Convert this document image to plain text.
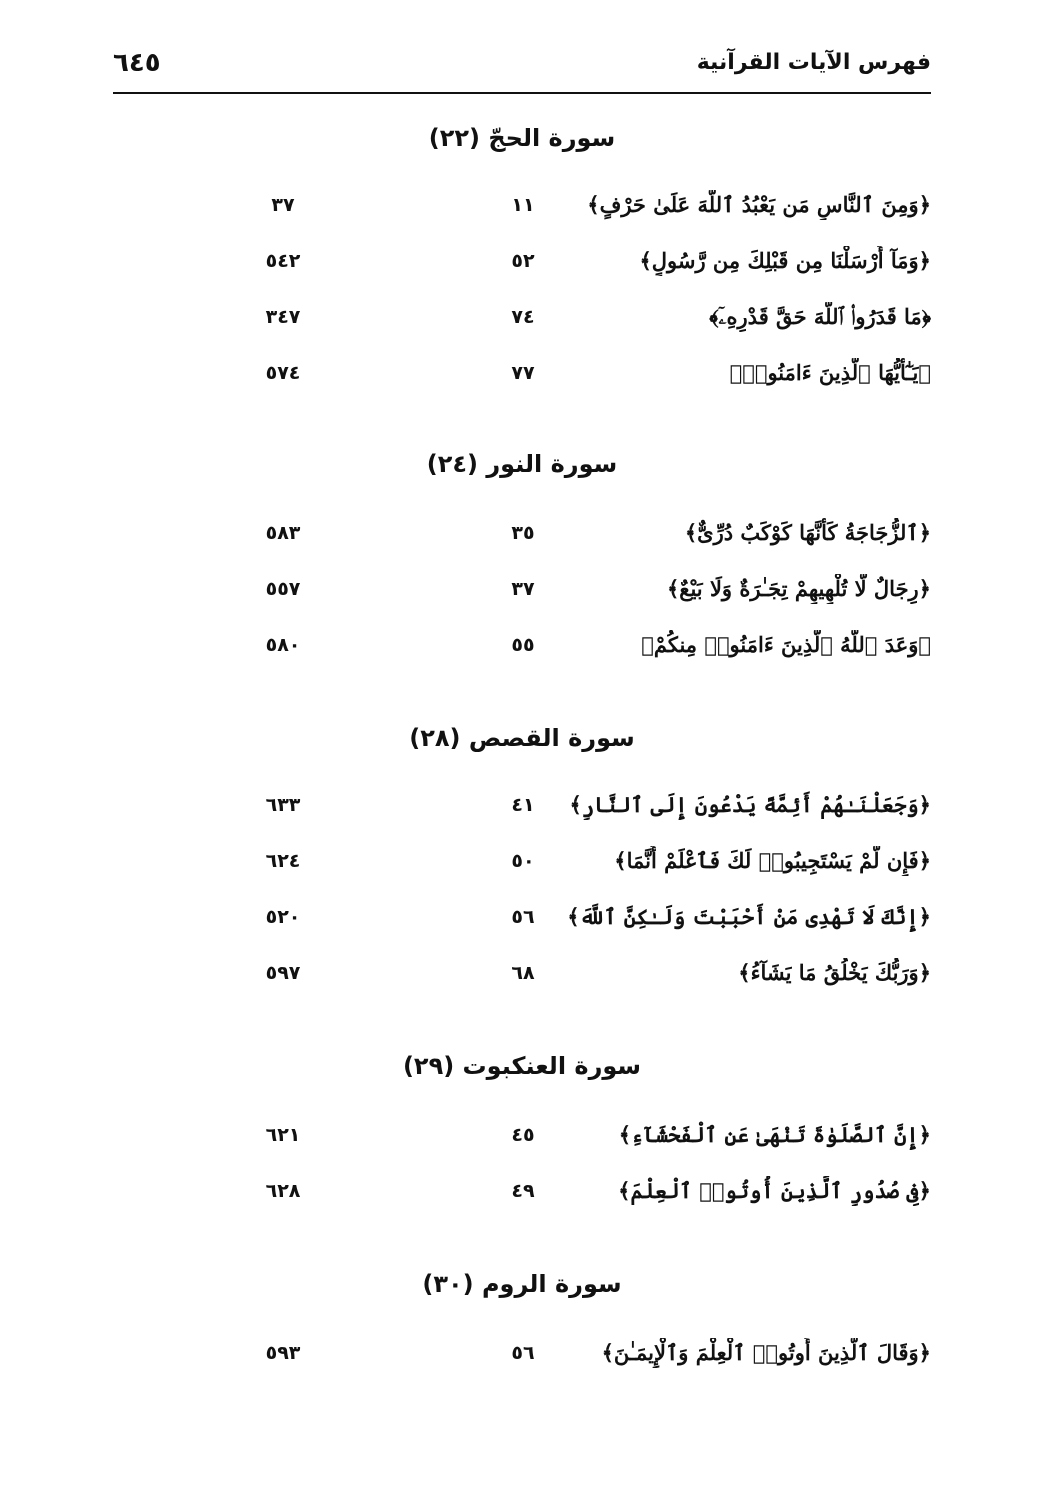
فهرس الآيات القرآنية
٦٤٥
سورة الحجّ (٢٢)
﴿وَمِنَ ٱلنَّاسِ مَن يَعْبُدُ ٱللَّهَ عَلَىٰ حَرْفٍ﴾
١١
٣٧
﴿وَمَآ أَرْسَلْنَا مِن قَبْلِكَ مِن رَّسُولٍ﴾
٥٢
٥٤٢
﴿مَا قَدَرُوا۟ ٱللَّهَ حَقَّ قَدْرِهِۦٓ﴾
٧٤
٣٤٧
﴿يَـٰٓأَيُّهَا ٱلَّذِينَ ءَامَنُوا۟﴾
٧٧
٥٧٤
سورة النور (٢٤)
﴿ٱلزُّجَاجَةُ كَأَنَّهَا كَوْكَبٌ دُرِّىٌّ﴾
٣٥
٥٨٣
﴿رِجَالٌ لَّا تُلْهِيهِمْ تِجَـٰرَةٌ وَلَا بَيْعٌ﴾
٣٧
٥٥٧
﴿وَعَدَ ٱللَّهُ ٱلَّذِينَ ءَامَنُوا۟ مِنكُمْ﴾
٥٥
٥٨٠
سورة القصص (٢٨)
﴿وَجَعَلْنَـٰهُمْ أَئِمَّةً يَدْعُونَ إِلَى ٱلنَّارِ﴾
٤١
٦٣٣
﴿فَإِن لَّمْ يَسْتَجِيبُوا۟ لَكَ فَٱعْلَمْ أَنَّمَا﴾
٥٠
٦٢٤
﴿إِنَّكَ لَا تَهْدِى مَنْ أَحْبَبْتَ وَلَـٰكِنَّ ٱللَّهَ﴾
٥٦
٥٢٠
﴿وَرَبُّكَ يَخْلُقُ مَا يَشَآءُ﴾
٦٨
٥٩٧
سورة العنكبوت (٢٩)
﴿إِنَّ ٱلصَّلَوٰةَ تَنْهَىٰ عَنِ ٱلْفَحْشَآءِ﴾
٤٥
٦٢١
﴿فِى صُدُورِ ٱلَّذِينَ أُوتُوا۟ ٱلْعِلْمَ﴾
٤٩
٦٢٨
سورة الروم (٣٠)
﴿وَقَالَ ٱلَّذِينَ أُوتُوا۟ ٱلْعِلْمَ وَٱلْإِيمَـٰنَ﴾
٥٦
٥٩٣
